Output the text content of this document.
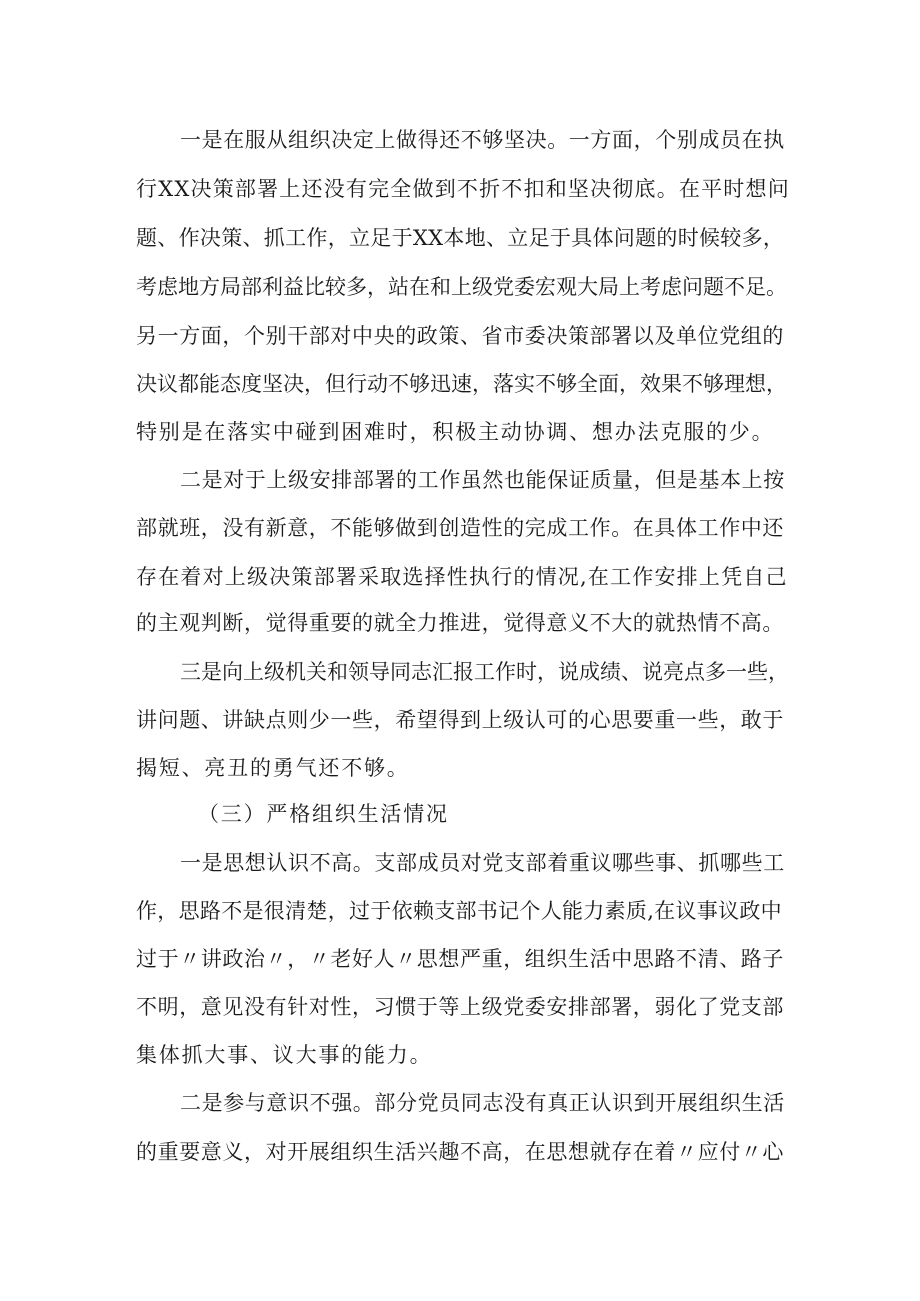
一是在服从组织决定上做得还不够坚决。一方面，个别成员在执
行XX决策部署上还没有完全做到不折不扣和坚决彻底。在平时想问
题、作决策、抓工作，立足于XX本地、立足于具体问题的时候较多，
考虑地方局部利益比较多，站在和上级党委宏观大局上考虑问题不足。
另一方面，个别干部对中央的政策、省市委决策部署以及单位党组的
决议都能态度坚决，但行动不够迅速，落实不够全面，效果不够理想，
特别是在落实中碰到困难时，积极主动协调、想办法克服的少。
二是对于上级安排部署的工作虽然也能保证质量，但是基本上按
部就班，没有新意，不能够做到创造性的完成工作。在具体工作中还
存在着对上级决策部署采取选择性执行的情况,在工作安排上凭自己
的主观判断，觉得重要的就全力推进，觉得意义不大的就热情不高。
三是向上级机关和领导同志汇报工作时，说成绩、说亮点多一些，
讲问题、讲缺点则少一些，希望得到上级认可的心思要重一些，敢于
揭短、亮丑的勇气还不够。
（三）严格组织生活情况
一是思想认识不高。支部成员对党支部着重议哪些事、抓哪些工
作，思路不是很清楚，过于依赖支部书记个人能力素质,在议事议政中
过于〃讲政治〃，〃老好人〃思想严重，组织生活中思路不清、路子
不明，意见没有针对性，习惯于等上级党委安排部署，弱化了党支部
集体抓大事、议大事的能力。
二是参与意识不强。部分党员同志没有真正认识到开展组织生活
的重要意义，对开展组织生活兴趣不高，在思想就存在着〃应付〃心
